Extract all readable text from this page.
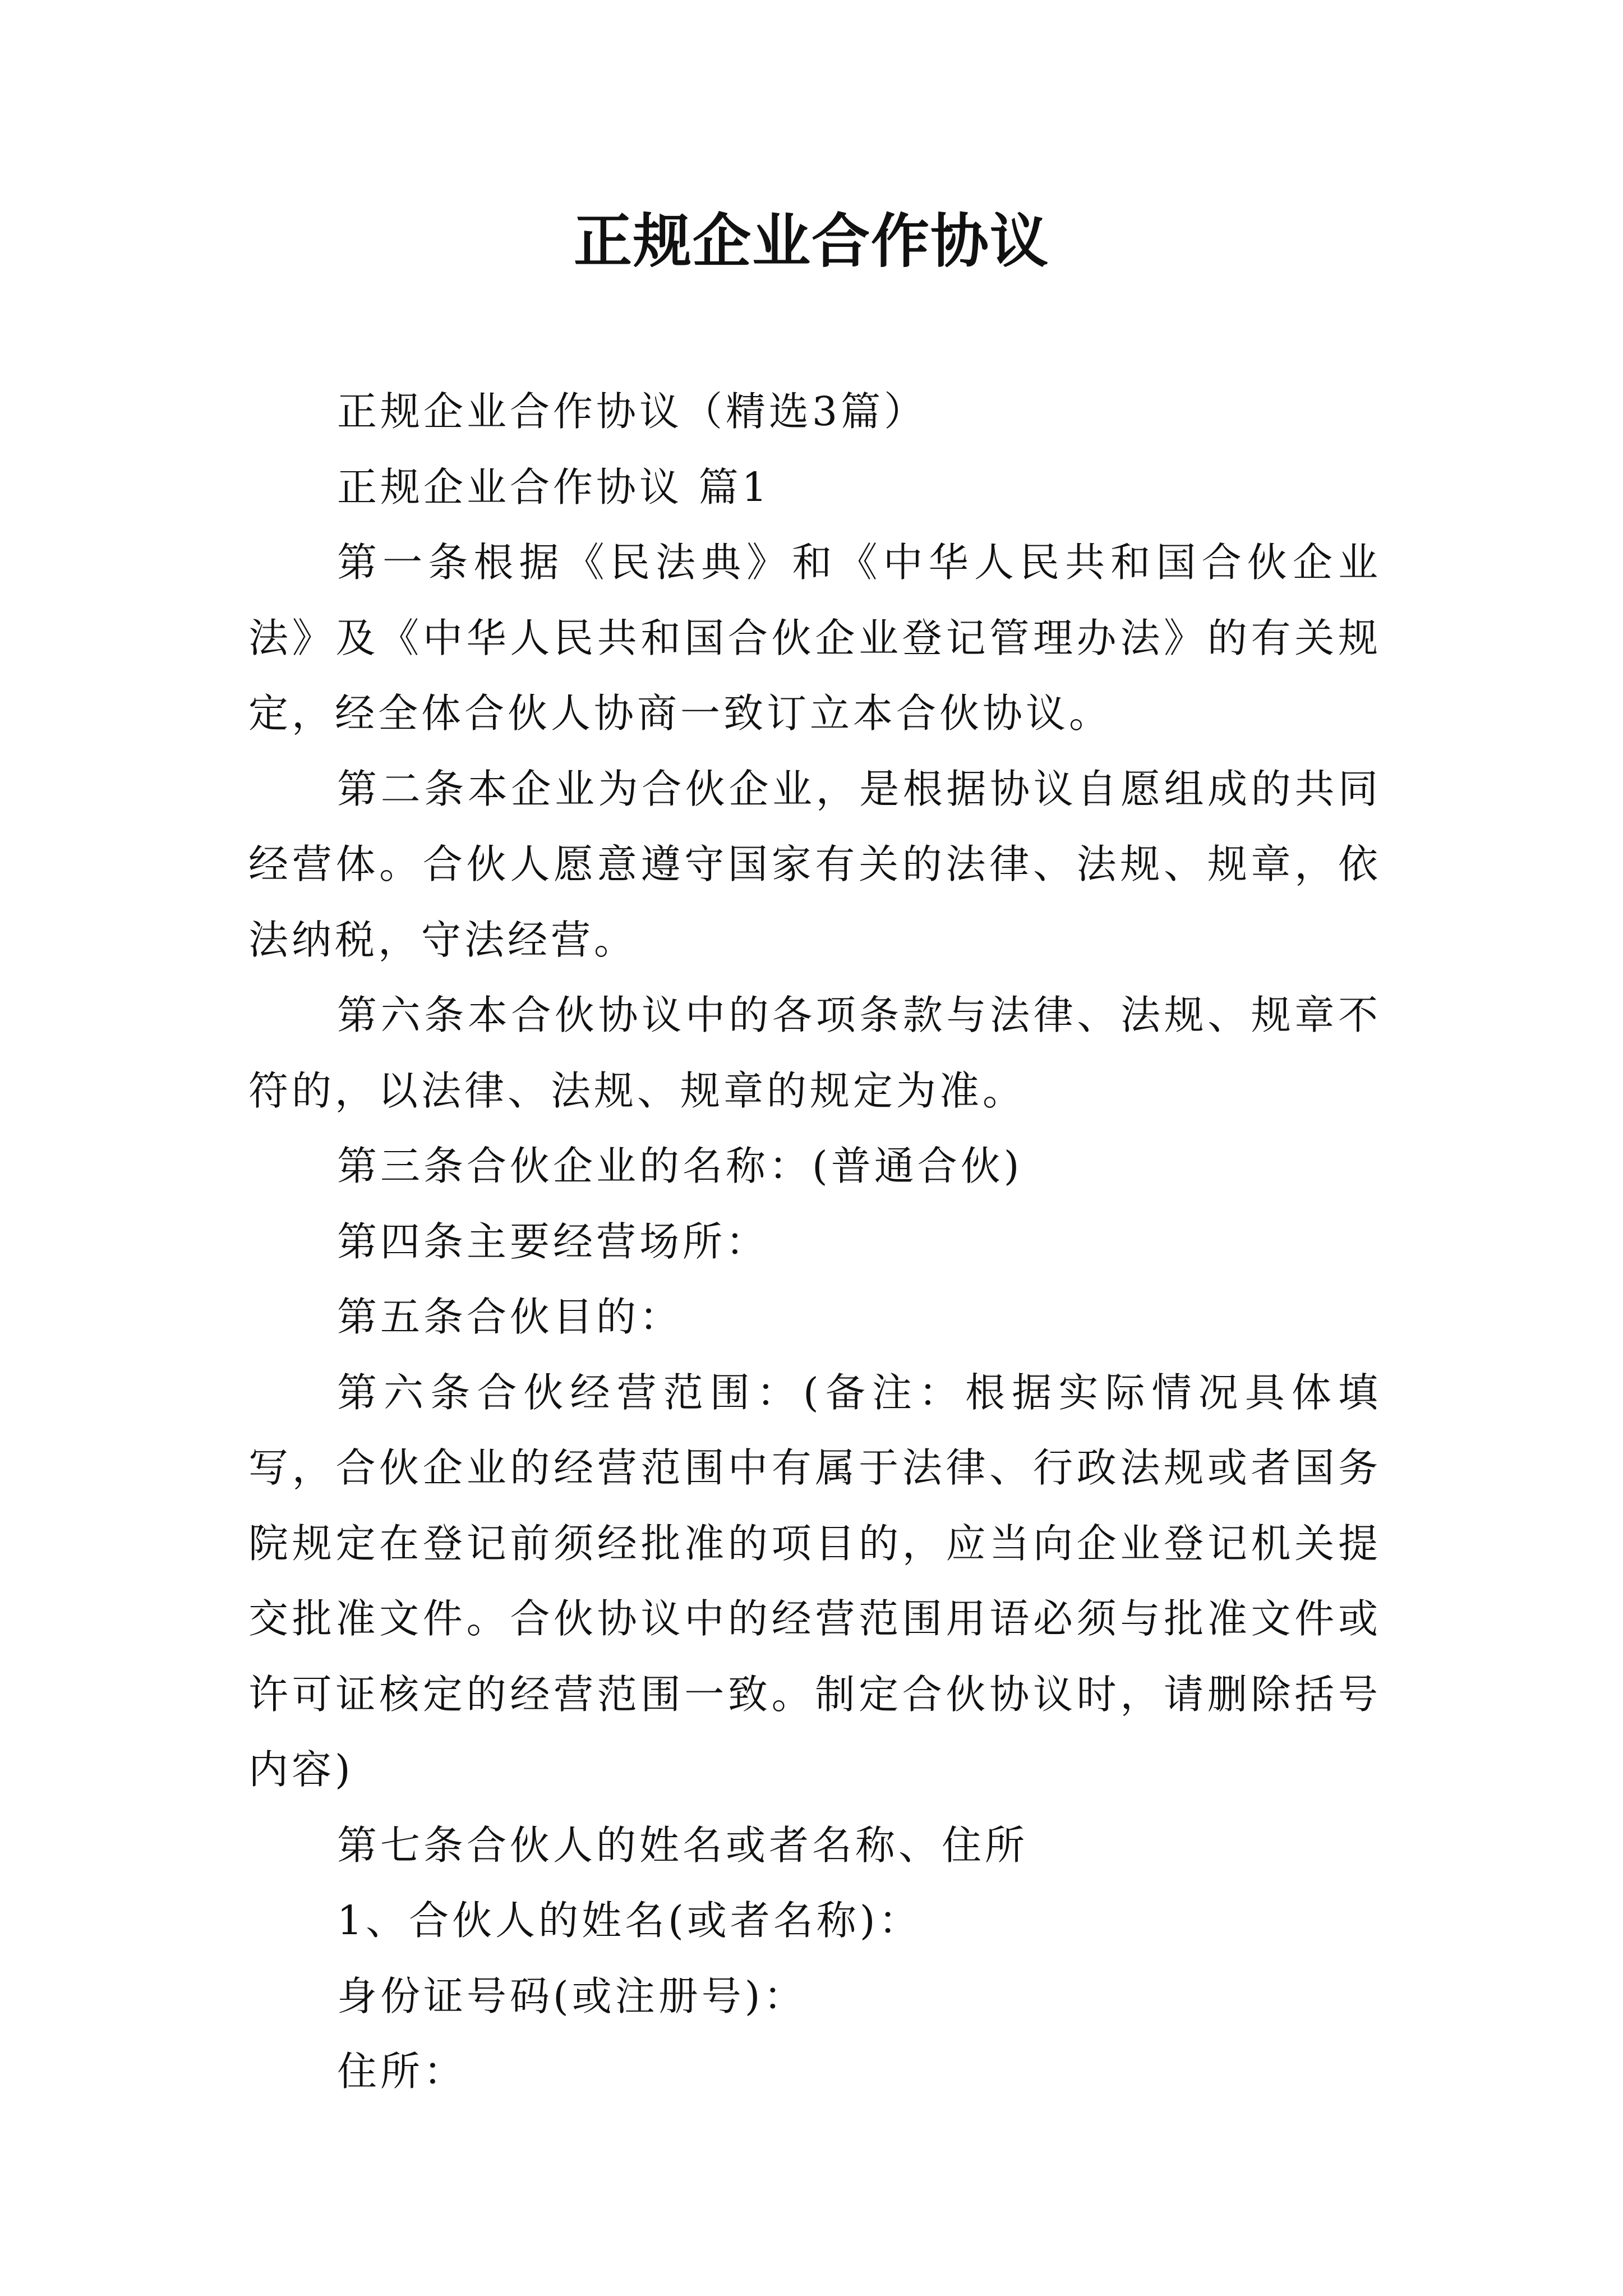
正规企业合作协议

正规企业合作协议（精选3篇）

正规企业合作协议 篇1

第一条根据《民法典》和《中华人民共和国合伙企业法》及《中华人民共和国合伙企业登记管理办法》的有关规定，经全体合伙人协商一致订立本合伙协议。

第二条本企业为合伙企业，是根据协议自愿组成的共同经营体。合伙人愿意遵守国家有关的法律、法规、规章，依法纳税，守法经营。

第六条本合伙协议中的各项条款与法律、法规、规章不符的，以法律、法规、规章的规定为准。

第三条合伙企业的名称：(普通合伙)

第四条主要经营场所：

第五条合伙目的：

第六条合伙经营范围：(备注：根据实际情况具体填写，合伙企业的经营范围中有属于法律、行政法规或者国务院规定在登记前须经批准的项目的，应当向企业登记机关提交批准文件。合伙协议中的经营范围用语必须与批准文件或许可证核定的经营范围一致。制定合伙协议时，请删除括号内容)

第七条合伙人的姓名或者名称、住所

1、合伙人的姓名(或者名称)：

身份证号码(或注册号)：

住所：
